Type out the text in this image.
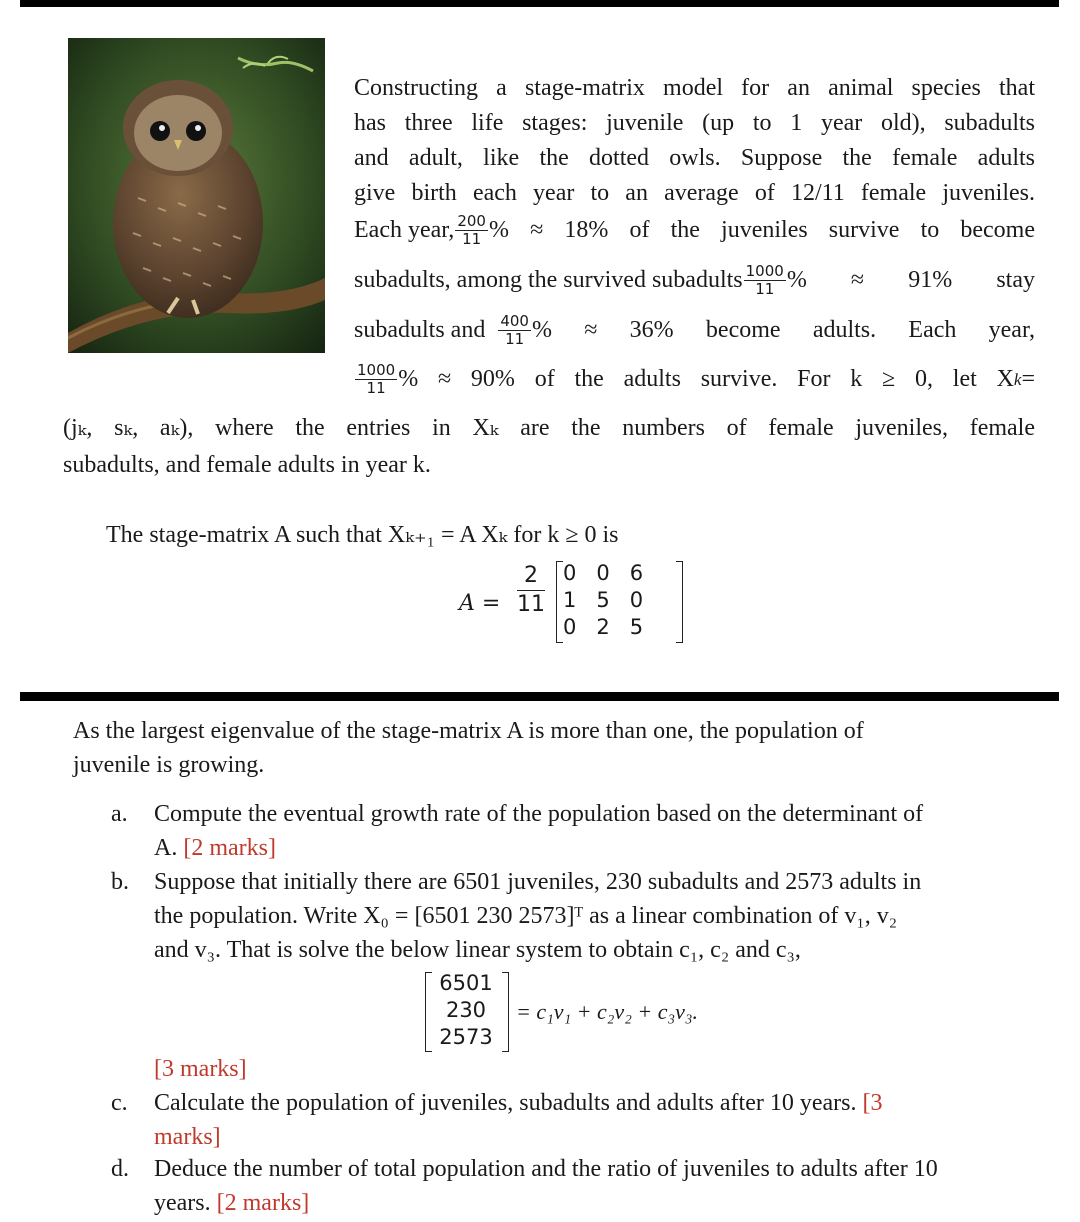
Constructing a stage-matrix model for an animal species that
has three life stages: juvenile (up to 1 year old), subadults
and adult, like the dotted owls. Suppose the female adults
give birth each year to an average of 12/11 female juveniles.
Each year, $\frac{200}{11}$ % ≈ 18% of the juveniles survive to become
subadults, among the survived subadults $\frac{1000}{11}$ % ≈ 91% stay
subadults and $\frac{400}{11}$ % ≈ 36% become adults. Each year,
$\frac{1000}{11}$ % ≈ 90% of the adults survive. For k ≥ 0, let X k =
(jₖ, sₖ, aₖ), where the entries in Xₖ are the numbers of female juveniles, female
subadults, and female adults in year k.
The stage-matrix A such that Xₖ₊₁ = A Xₖ for k ≥ 0 is
$A = \frac{2}{11} 0$	0	6
1	5	0
0	2	5
As the largest eigenvalue of the stage-matrix A is more than one, the population of
juvenile is growing.
a. Compute the eventual growth rate of the population based on the determinant of
A. [2 marks]
b. Suppose that initially there are 6501 juveniles, 230 subadults and 2573 adults in
the population. Write X₀ = [6501 230 2573]ᵀ as a linear combination of v₁, v₂
and v₃. That is solve the below linear system to obtain c₁, c₂ and c₃,
6501
230
2573
= c₁v₁ + c₂v₂ + c₃v₃.
[3 marks]
c. Calculate the population of juveniles, subadults and adults after 10 years. [3
marks]
d. Deduce the number of total population and the ratio of juveniles to adults after 10
years. [2 marks]
